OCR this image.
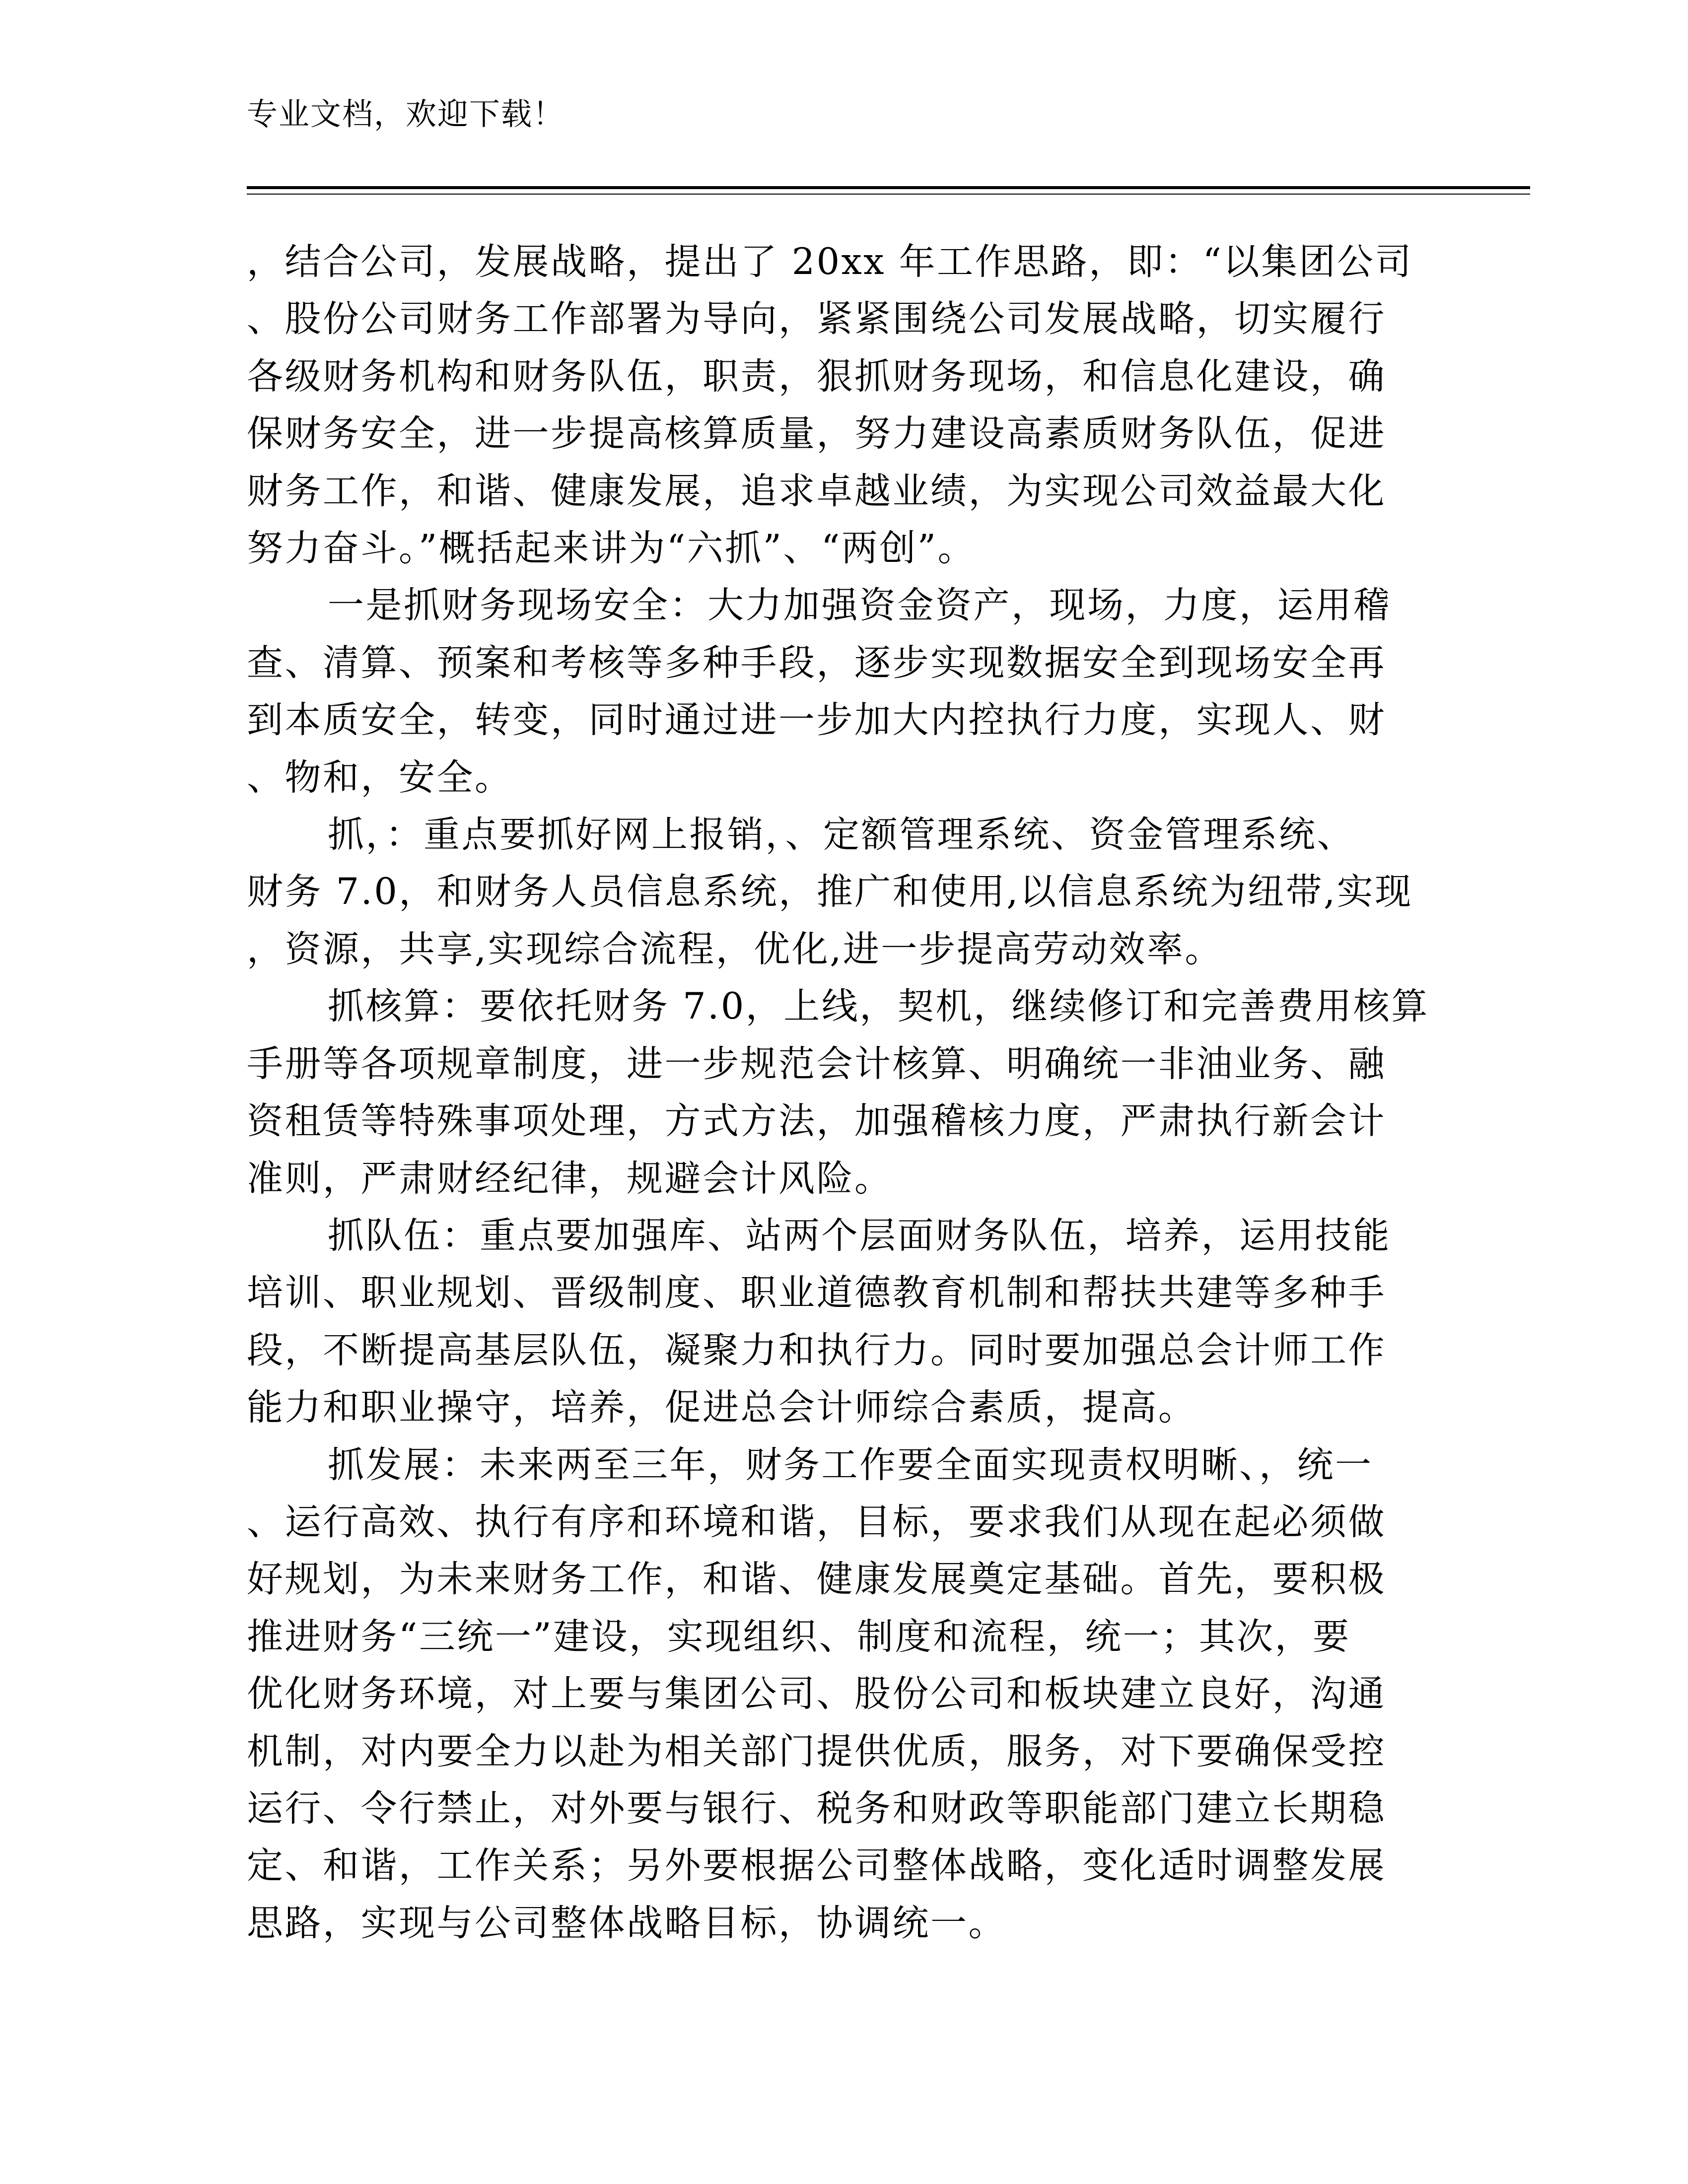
专业文档，欢迎下载！
，结合公司，发展战略，提出了 20xx 年工作思路，即：“以集团公司
、股份公司财务工作部署为导向，紧紧围绕公司发展战略，切实履行
各级财务机构和财务队伍，职责，狠抓财务现场，和信息化建设，确
保财务安全，进一步提高核算质量，努力建设高素质财务队伍，促进
财务工作，和谐、健康发展，追求卓越业绩，为实现公司效益最大化
努力奋斗。”概括起来讲为“六抓”、“两创”。
一是抓财务现场安全：大力加强资金资产，现场，力度，运用稽
查、清算、预案和考核等多种手段，逐步实现数据安全到现场安全再
到本质安全，转变，同时通过进一步加大内控执行力度，实现人、财
、物和，安全。
抓，：重点要抓好网上报销，、定额管理系统、资金管理系统、
财务 7.0，和财务人员信息系统，推广和使用,以信息系统为纽带,实现
，资源，共享,实现综合流程，优化,进一步提高劳动效率。
抓核算：要依托财务 7.0，上线，契机，继续修订和完善费用核算
手册等各项规章制度，进一步规范会计核算、明确统一非油业务、融
资租赁等特殊事项处理，方式方法，加强稽核力度，严肃执行新会计
准则，严肃财经纪律，规避会计风险。
抓队伍：重点要加强库、站两个层面财务队伍，培养，运用技能
培训、职业规划、晋级制度、职业道德教育机制和帮扶共建等多种手
段，不断提高基层队伍，凝聚力和执行力。同时要加强总会计师工作
能力和职业操守，培养，促进总会计师综合素质，提高。
抓发展：未来两至三年，财务工作要全面实现责权明晰、，统一
、运行高效、执行有序和环境和谐，目标，要求我们从现在起必须做
好规划，为未来财务工作，和谐、健康发展奠定基础。首先，要积极
推进财务“三统一”建设，实现组织、制度和流程，统一；其次，要
优化财务环境，对上要与集团公司、股份公司和板块建立良好，沟通
机制，对内要全力以赴为相关部门提供优质，服务，对下要确保受控
运行、令行禁止，对外要与银行、税务和财政等职能部门建立长期稳
定、和谐，工作关系；另外要根据公司整体战略，变化适时调整发展
思路，实现与公司整体战略目标，协调统一。
